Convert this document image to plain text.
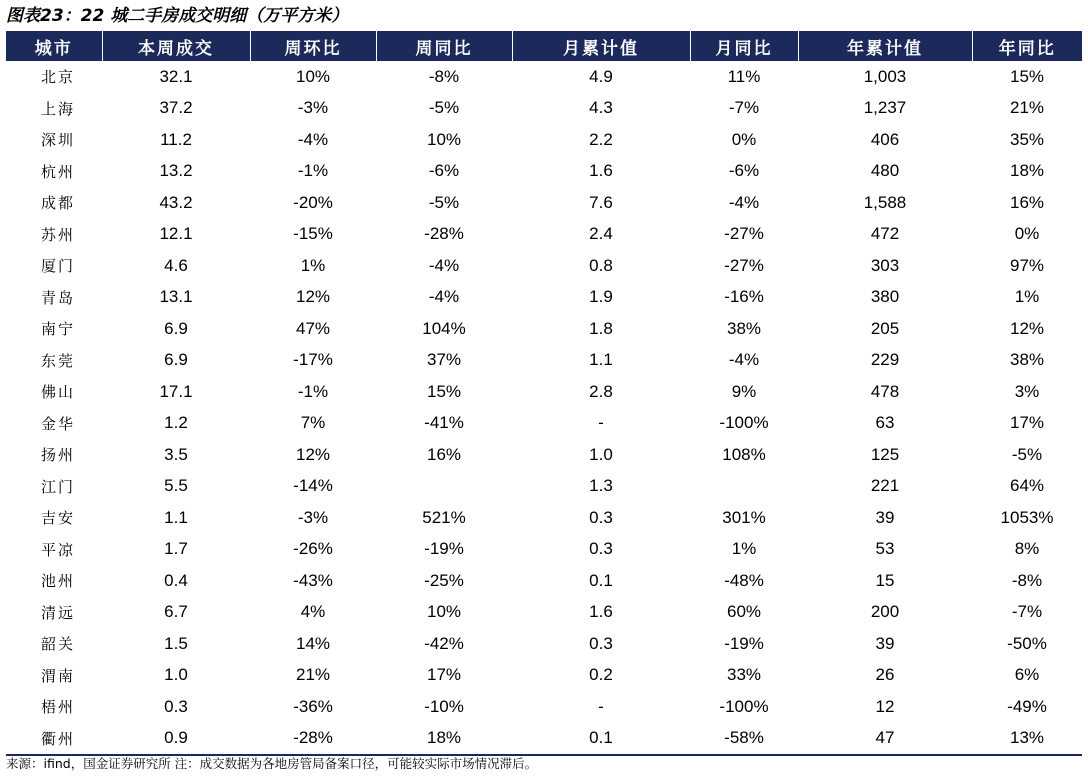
图表23：22 城二手房成交明细（万平方米）
城市	本周成交	周环比	周同比	月累计值	月同比	年累计值	年同比
北京	32.1	10%	-8%	4.9	11%	1,003	15%
上海	37.2	-3%	-5%	4.3	-7%	1,237	21%
深圳	11.2	-4%	10%	2.2	0%	406	35%
杭州	13.2	-1%	-6%	1.6	-6%	480	18%
成都	43.2	-20%	-5%	7.6	-4%	1,588	16%
苏州	12.1	-15%	-28%	2.4	-27%	472	0%
厦门	4.6	1%	-4%	0.8	-27%	303	97%
青岛	13.1	12%	-4%	1.9	-16%	380	1%
南宁	6.9	47%	104%	1.8	38%	205	12%
东莞	6.9	-17%	37%	1.1	-4%	229	38%
佛山	17.1	-1%	15%	2.8	9%	478	3%
金华	1.2	7%	-41%	-	-100%	63	17%
扬州	3.5	12%	16%	1.0	108%	125	-5%
江门	5.5	-14%		1.3		221	64%
吉安	1.1	-3%	521%	0.3	301%	39	1053%
平凉	1.7	-26%	-19%	0.3	1%	53	8%
池州	0.4	-43%	-25%	0.1	-48%	15	-8%
清远	6.7	4%	10%	1.6	60%	200	-7%
韶关	1.5	14%	-42%	0.3	-19%	39	-50%
渭南	1.0	21%	17%	0.2	33%	26	6%
梧州	0.3	-36%	-10%	-	-100%	12	-49%
衢州	0.9	-28%	18%	0.1	-58%	47	13%
来源：ifind，国金证券研究所 注：成交数据为各地房管局备案口径，可能较实际市场情况滞后。
